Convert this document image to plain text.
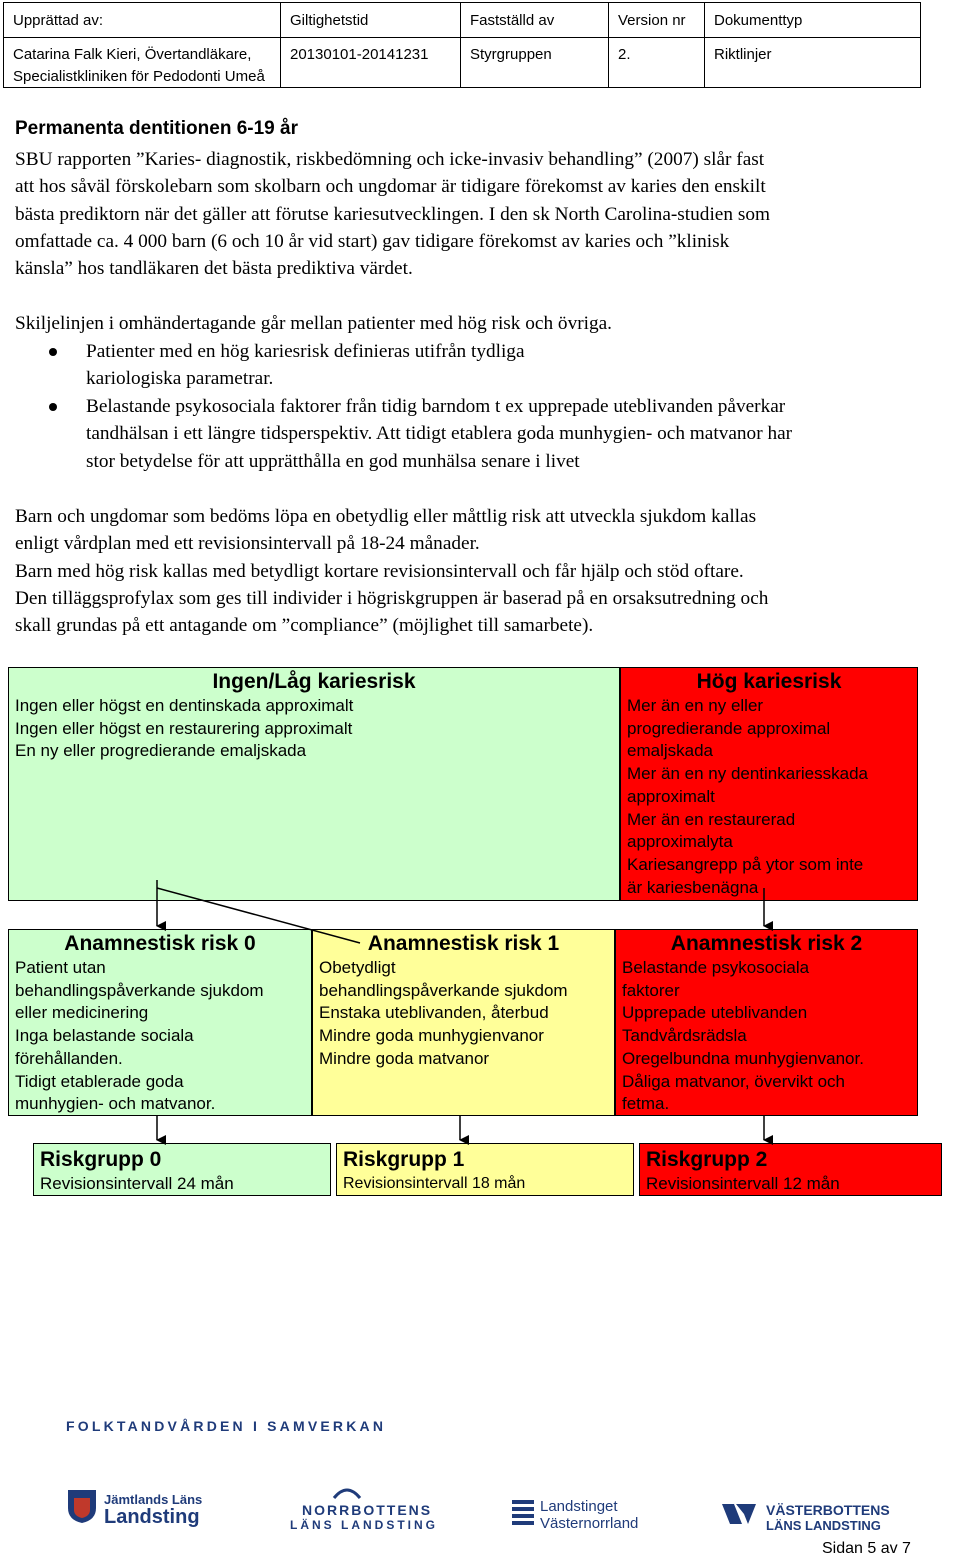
Upprättad av:
Catarina Falk Kieri, Övertandläkare,
Specialistkliniken för Pedodonti Umeå
Giltighetstid
20130101-20141231
Fastställd av
Styrgruppen
Version nr
2.
Dokumenttyp
Riktlinjer
Permanenta dentitionen 6-19 år
SBU rapporten ”Karies- diagnostik, riskbedömning och icke-invasiv behandling” (2007) slår fast
att hos såväl förskolebarn som skolbarn och ungdomar är tidigare förekomst av karies den enskilt
bästa prediktorn när det gäller att förutse kariesutvecklingen. I den sk North Carolina-studien som
omfattade ca. 4 000 barn (6 och 10 år vid start) gav tidigare förekomst av karies och ”klinisk
känsla” hos tandläkaren det bästa prediktiva värdet.
Skiljelinjen i omhändertagande går mellan patienter med hög risk och övriga.
Patienter med en hög kariesrisk definieras utifrån tydliga
kariologiska parametrar.
Belastande psykosociala faktorer från tidig barndom t ex upprepade uteblivanden påverkar
tandhälsan i ett längre tidsperspektiv. Att tidigt etablera goda munhygien- och matvanor har
stor betydelse för att upprätthålla en god munhälsa senare i livet
Barn och ungdomar som bedöms löpa en obetydlig eller måttlig risk att utveckla sjukdom kallas
enligt vårdplan med ett revisionsintervall på 18-24 månader.
Barn med hög risk kallas med betydligt kortare revisionsintervall och får hjälp och stöd oftare.
Den tilläggsprofylax som ges till individer i högriskgruppen är baserad på en orsaksutredning och
skall grundas på ett antagande om ”compliance” (möjlighet till samarbete).
Ingen/Låg kariesrisk
Ingen eller högst en dentinskada approximalt
Ingen eller högst en restaurering approximalt
En ny eller progredierande emaljskada
Hög kariesrisk
Mer än en ny eller
progredierande approximal
emaljskada
Mer än en ny dentinkariesskada
approximalt
Mer än en restaurerad
approximalyta
Kariesangrepp på ytor som inte
är kariesbenägna
Anamnestisk risk 0
Patient utan
behandlingspåverkande sjukdom
eller medicinering
Inga belastande sociala
förehållanden.
Tidigt etablerade goda
munhygien- och matvanor.
Anamnestisk risk 1
Obetydligt
behandlingspåverkande sjukdom
Enstaka uteblivanden, återbud
Mindre goda munhygienvanor
Mindre goda matvanor
Anamnestisk risk 2
Belastande psykosociala
faktorer
Upprepade uteblivanden
Tandvårdsrädsla
Oregelbundna munhygienvanor.
Dåliga matvanor, övervikt och
fetma.
Riskgrupp 0
Revisionsintervall 24 mån
Riskgrupp 1
Revisionsintervall 18 mån
Riskgrupp 2
Revisionsintervall 12 mån
FOLKTANDVÅRDEN I SAMVERKAN
Jämtlands Läns
Landsting	NORRBOTTENS
LÄNS LANDSTING
Landstinget
Västernorrland
VÄSTERBOTTENS
LÄNS LANDSTING
Sidan 5 av 7
